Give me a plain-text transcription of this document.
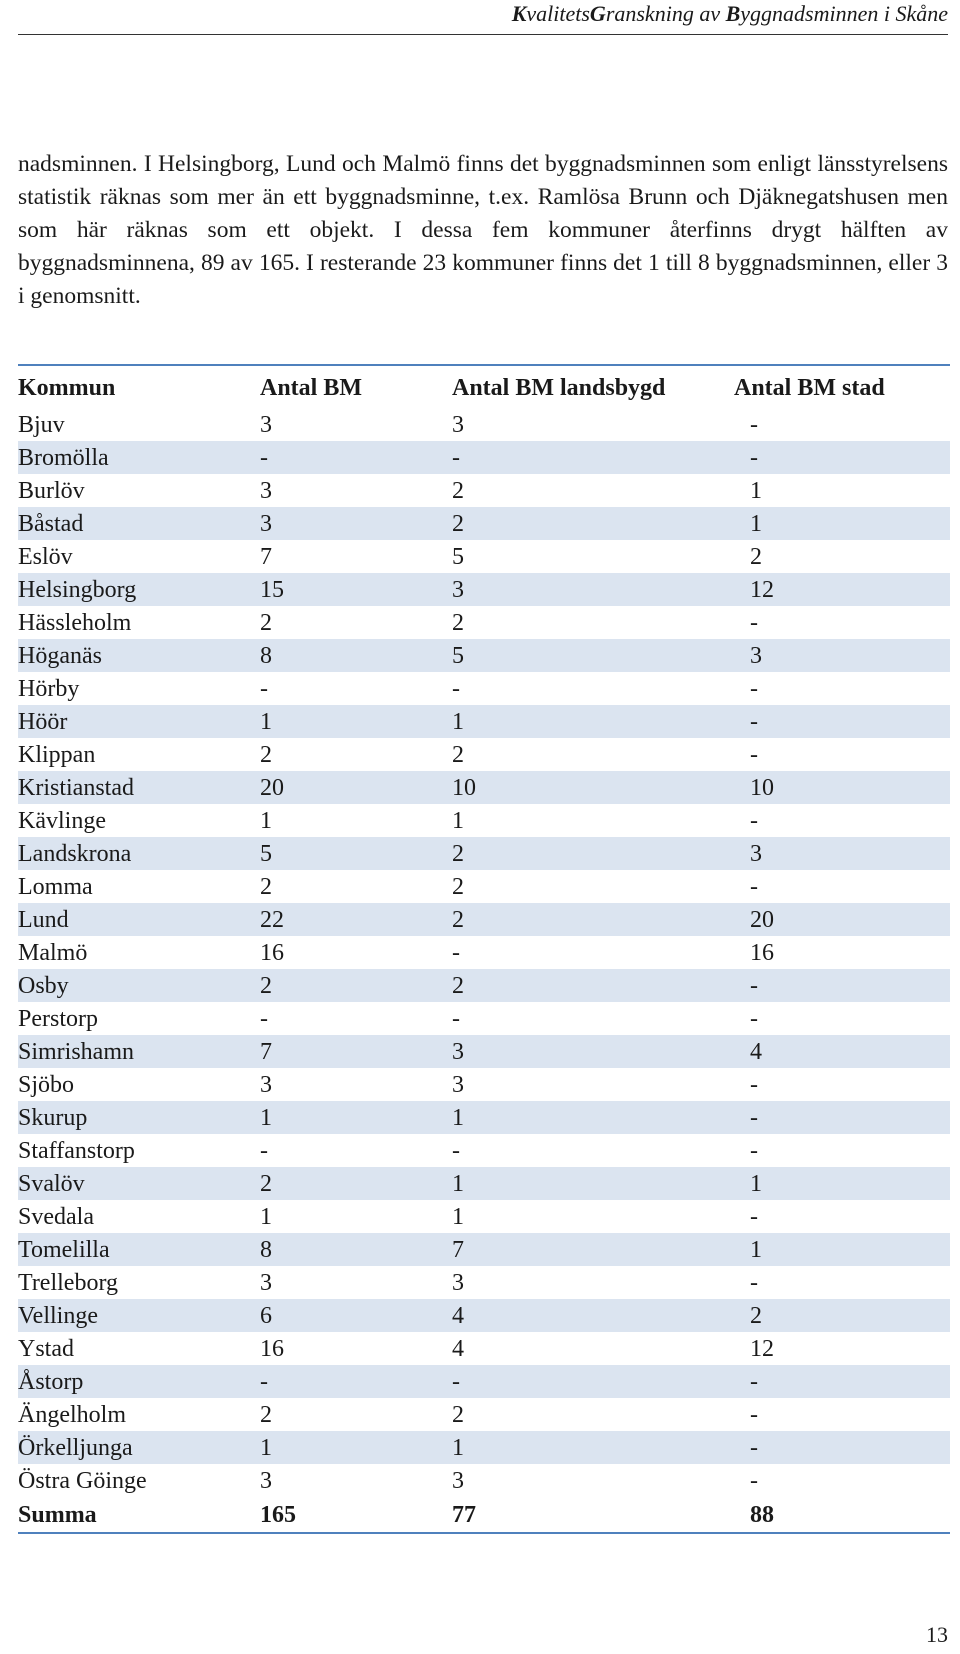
KvalitetsGranskning av Byggnadsminnen i Skåne

nadsminnen. I Helsingborg, Lund och Malmö finns det byggnadsminnen som enligt länsstyrelsens statistik räknas som mer än ett byggnadsminne, t.ex. Ramlösa Brunn och Djäknegatshusen men som här räknas som ett objekt. I dessa fem kommuner återfinns drygt hälften av byggnadsminnena, 89 av 165. I resterande 23 kommuner finns det 1 till 8 byggnadsminnen, eller 3 i genomsnitt.

Kommun	Antal BM	Antal BM landsbygd	Antal BM stad
Bjuv	3	3	-
Bromölla	-	-	-
Burlöv	3	2	1
Båstad	3	2	1
Eslöv	7	5	2
Helsingborg	15	3	12
Hässleholm	2	2	-
Höganäs	8	5	3
Hörby	-	-	-
Höör	1	1	-
Klippan	2	2	-
Kristianstad	20	10	10
Kävlinge	1	1	-
Landskrona	5	2	3
Lomma	2	2	-
Lund	22	2	20
Malmö	16	-	16
Osby	2	2	-
Perstorp	-	-	-
Simrishamn	7	3	4
Sjöbo	3	3	-
Skurup	1	1	-
Staffanstorp	-	-	-
Svalöv	2	1	1
Svedala	1	1	-
Tomelilla	8	7	1
Trelleborg	3	3	-
Vellinge	6	4	2
Ystad	16	4	12
Åstorp	-	-	-
Ängelholm	2	2	-
Örkelljunga	1	1	-
Östra Göinge	3	3	-
Summa	165	77	88
13
